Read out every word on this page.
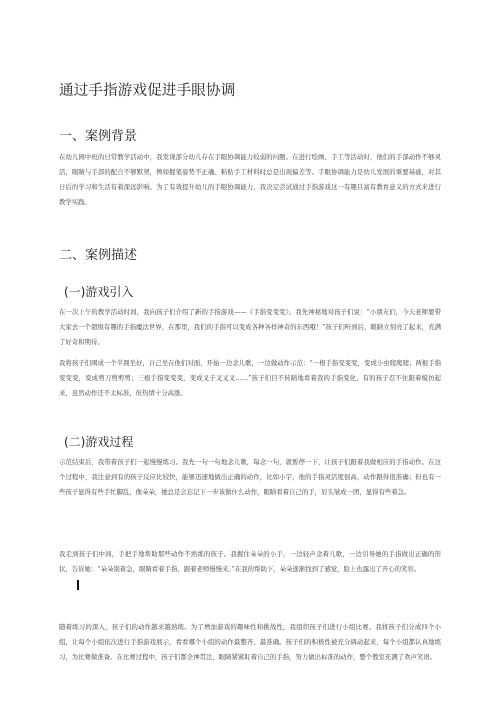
通过手指游戏促进手眼协调
一、案例背景

在幼儿园中班的日常教学活动中，我发现部分幼儿存在手眼协调能力较弱的问题。在进行绘画、手工等活动时，他们的手部动作不够灵活，眼睛与手部的配合不够默契，例如握笔姿势不正确、粘贴手工材料时总是出现偏差等。手眼协调能力是幼儿发展的重要基础，对其日后的学习和生活有着深远影响。为了有效提升幼儿的手眼协调能力，我决定尝试通过手指游戏这一有趣且富有教育意义的方式来进行教学实践。

二、案例描述
(一)游戏引入

在一次上午的教学活动时间，我向孩子们介绍了新的手指游戏——《手指变变变》。我先神秘地对孩子们说：“小朋友们，今天老师要带大家去一个超级有趣的手指魔法世界，在那里，我们的手指可以变成各种各样神奇的东西哦！”孩子们听到后，眼睛立刻亮了起来，充满了好奇和期待。

我将孩子们围成一个半圆坐好，自己坐在他们对面，开始一边念儿歌，一边做动作示范：“一根手指变变变，变成小虫爬爬爬；两根手指变变变，变成剪刀剪剪剪；三根手指变变变，变成叉子叉叉叉……”孩子们目不转睛地看着我的手指变化，有的孩子忍不住跟着模仿起来，虽然动作还不太标准，但热情十分高涨。

(二)游戏过程

示范结束后，我带着孩子们一起慢慢练习。我先一句一句地念儿歌，每念一句，就暂停一下，让孩子们跟着我做相应的手指动作。在这个过程中，我注意到有的孩子反应比较快，能够迅速地做出正确的动作，比如小宇，他的手指灵活度很高，动作跟得很准确；但也有一些孩子显得有些手忙脚乱，像朵朵，她总是会忘记下一步该做什么动作，眼睛看着自己的手，眉头皱成一团，显得有些着急。

我走到孩子们中间，手把手地帮助那些动作不熟练的孩子。我握住朵朵的小手，一边轻声念着儿歌，一边引导她的手指做出正确的形状，告诉她：“朵朵别着急，眼睛看着手指，跟着老师慢慢来。”在我的帮助下，朵朵逐渐找到了感觉，脸上也露出了开心的笑容。

随着练习的深入，孩子们的动作越来越熟练。为了增加游戏的趣味性和挑战性，我组织孩子们进行小组比赛。我将孩子们分成四个小组，让每个小组依次进行手指游戏展示，看看哪个小组的动作最整齐、最准确。孩子们的积极性被充分调动起来，每个小组都认真地练习，为比赛做准备。在比赛过程中，孩子们都全神贯注，眼睛紧紧盯着自己的手指，努力做出标准的动作，整个教室充满了欢声笑语。
